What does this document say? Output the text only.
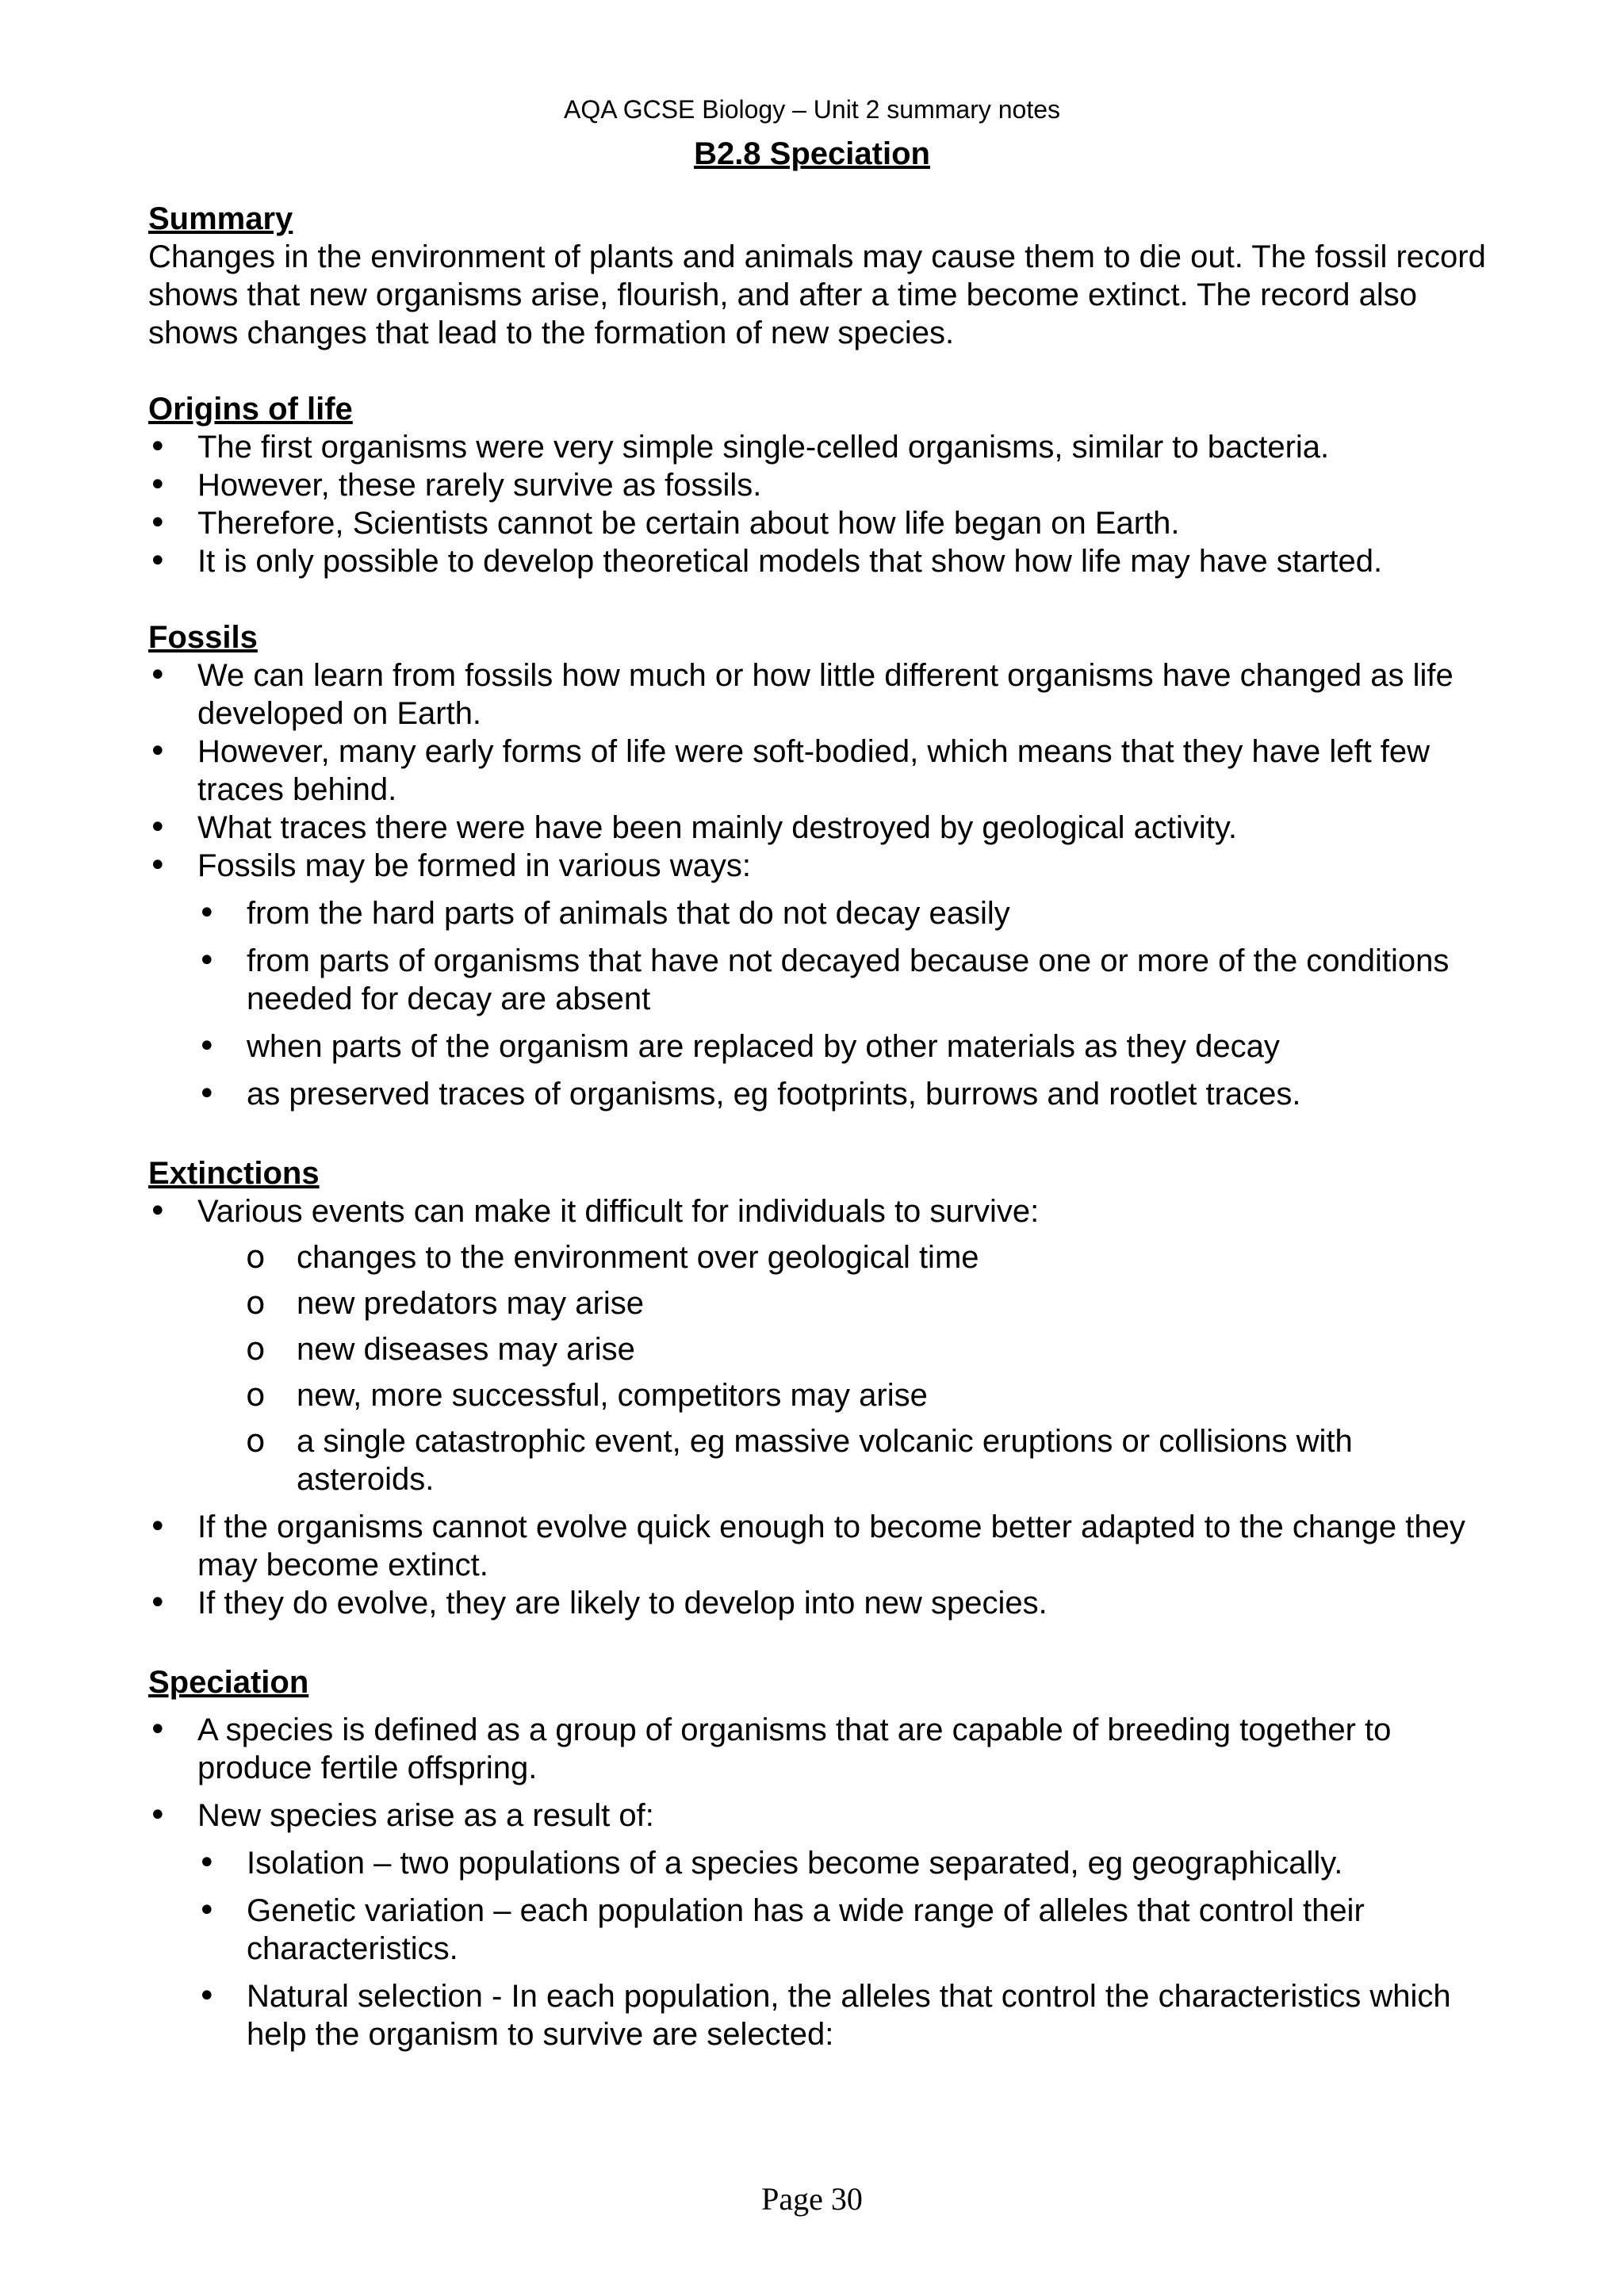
AQA GCSE Biology – Unit 2 summary notes
B2.8 Speciation
Summary

Changes in the environment of plants and animals may cause them to die out. The fossil record shows that new organisms arise, flourish, and after a time become extinct. The record also shows changes that lead to the formation of new species.

Origins of life
• The first organisms were very simple single-celled organisms, similar to bacteria.
• However, these rarely survive as fossils.
• Therefore, Scientists cannot be certain about how life began on Earth.
• It is only possible to develop theoretical models that show how life may have started.
Fossils
• We can learn from fossils how much or how little different organisms have changed as life developed on Earth.
• However, many early forms of life were soft-bodied, which means that they have left few traces behind.
• What traces there were have been mainly destroyed by geological activity.
• Fossils may be formed in various ways:
• from the hard parts of animals that do not decay easily
• from parts of organisms that have not decayed because one or more of the conditions needed for decay are absent
• when parts of the organism are replaced by other materials as they decay
• as preserved traces of organisms, eg footprints, burrows and rootlet traces.
Extinctions
• Various events can make it difficult for individuals to survive:
o changes to the environment over geological time
o new predators may arise
o new diseases may arise
o new, more successful, competitors may arise
o a single catastrophic event, eg massive volcanic eruptions or collisions with asteroids.
• If the organisms cannot evolve quick enough to become better adapted to the change they may become extinct.
• If they do evolve, they are likely to develop into new species.
Speciation
• A species is defined as a group of organisms that are capable of breeding together to produce fertile offspring.
• New species arise as a result of:
• Isolation – two populations of a species become separated, eg geographically.
• Genetic variation – each population has a wide range of alleles that control their characteristics.
• Natural selection - In each population, the alleles that control the characteristics which help the organism to survive are selected:
Page 30
